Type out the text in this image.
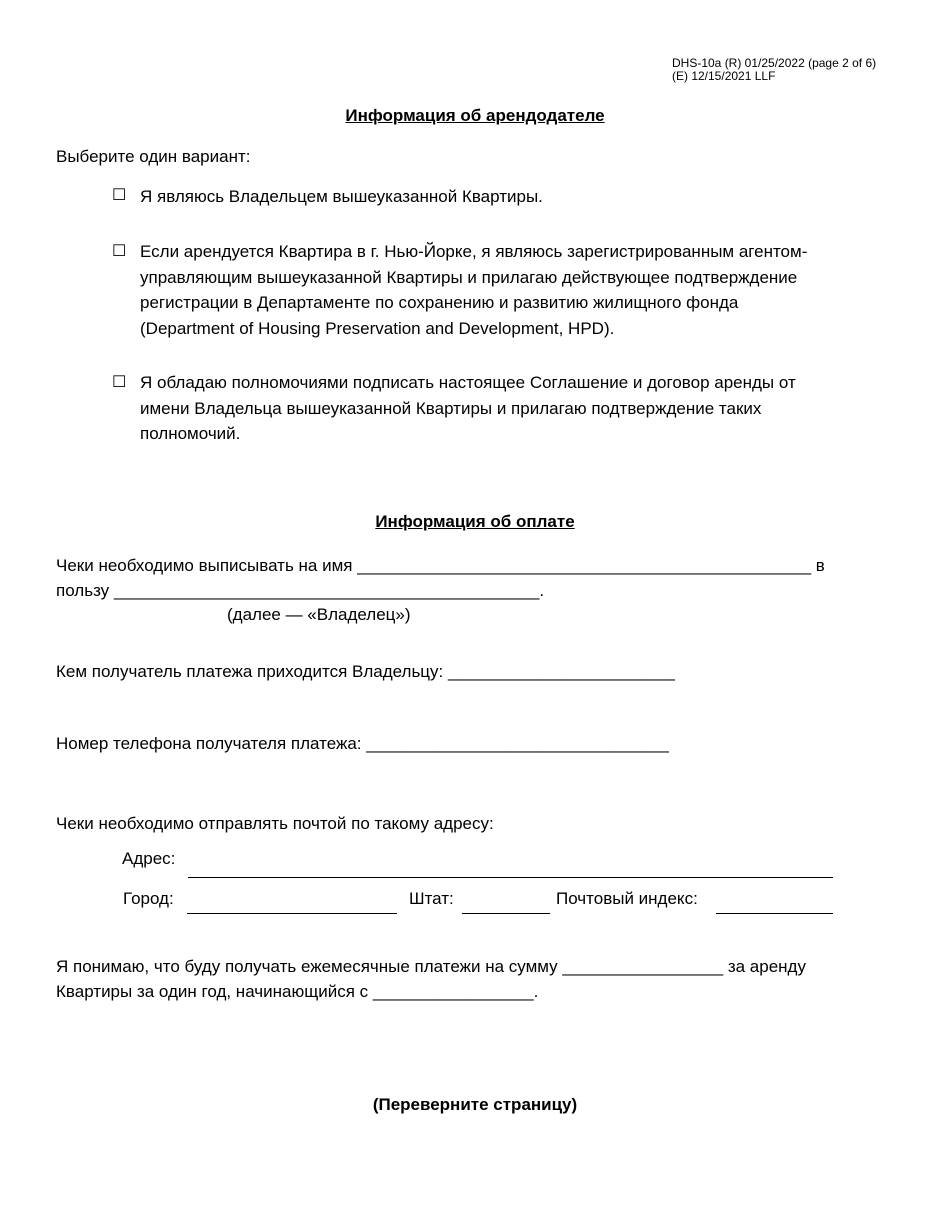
DHS-10a (R) 01/25/2022 (page 2 of 6)
(E) 12/15/2021 LLF
Информация об арендодателе
Выберите один вариант:
☐ Я являюсь Владельцем вышеуказанной Квартиры.
☐ Если арендуется Квартира в г. Нью-Йорке, я являюсь зарегистрированным агентом-
управляющим вышеуказанной Квартиры и прилагаю действующее подтверждение
регистрации в Департаменте по сохранению и развитию жилищного фонда
(Department of Housing Preservation and Development, HPD).
☐ Я обладаю полномочиями подписать настоящее Соглашение и договор аренды от
имени Владельца вышеуказанной Квартиры и прилагаю подтверждение таких
полномочий.
Информация об оплате
Чеки необходимо выписывать на имя ________________________________________________ в
пользу _____________________________________________.
(далее — «Владелец»)
Кем получатель платежа приходится Владельцу: ________________________
Номер телефона получателя платежа: ________________________________
Чеки необходимо отправлять почтой по такому адресу:
Адрес:
Город:	Штат:	Почтовый индекс:
Я понимаю, что буду получать ежемесячные платежи на сумму _________________ за аренду
Квартиры за один год, начинающийся с _________________.
(Переверните страницу)
